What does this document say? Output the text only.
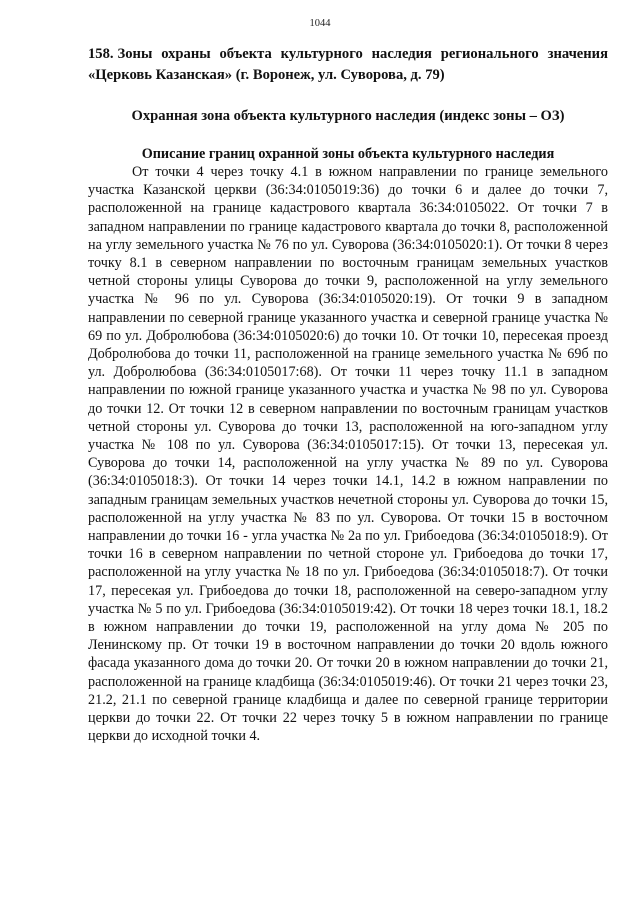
1044
158. Зоны охраны объекта культурного наследия регионального значения «Церковь Казанская» (г. Воронеж, ул. Суворова, д. 79)
Охранная зона объекта культурного наследия (индекс зоны – ОЗ)
Описание границ охранной зоны объекта культурного наследия

От точки 4 через точку 4.1 в южном направлении по границе земельного участка Казанской церкви (36:34:0105019:36) до точки 6 и далее до точки 7, расположенной на границе кадастрового квартала 36:34:0105022. От точки 7 в западном направлении по границе кадастрового квартала до точки 8, расположенной на углу земельного участка № 76 по ул. Суворова (36:34:0105020:1). От точки 8 через точку 8.1 в северном направлении по восточным границам земельных участков четной стороны улицы Суворова до точки 9, расположенной на углу земельного участка № 96 по ул. Суворова (36:34:0105020:19). От точки 9 в западном направлении по северной границе указанного участка и северной границе участка № 69 по ул. Добролюбова (36:34:0105020:6) до точки 10. От точки 10, пересекая проезд Добролюбова до точки 11, расположенной на границе земельного участка № 69б по ул. Добролюбова (36:34:0105017:68). От точки 11 через точку 11.1 в западном направлении по южной границе указанного участка и участка № 98 по ул. Суворова до точки 12. От точки 12 в северном направлении по восточным границам участков четной стороны ул. Суворова до точки 13, расположенной на юго-западном углу участка № 108 по ул. Суворова (36:34:0105017:15). От точки 13, пересекая ул. Суворова до точки 14, расположенной на углу участка № 89 по ул. Суворова (36:34:0105018:3). От точки 14 через точки 14.1, 14.2 в южном направлении по западным границам земельных участков нечетной стороны ул. Суворова до точки 15, расположенной на углу участка № 83 по ул. Суворова. От точки 15 в восточном направлении до точки 16 - угла участка № 2а по ул. Грибоедова (36:34:0105018:9). От точки 16 в северном направлении по четной стороне ул. Грибоедова до точки 17, расположенной на углу участка № 18 по ул. Грибоедова (36:34:0105018:7). От точки 17, пересекая ул. Грибоедова до точки 18, расположенной на северо-западном углу участка № 5 по ул. Грибоедова (36:34:0105019:42). От точки 18 через точки 18.1, 18.2 в южном направлении до точки 19, расположенной на углу дома № 205 по Ленинскому пр. От точки 19 в восточном направлении до точки 20 вдоль южного фасада указанного дома до точки 20. От точки 20 в южном направлении до точки 21, расположенной на границе кладбища (36:34:0105019:46). От точки 21 через точки 23, 21.2, 21.1 по северной границе кладбища и далее по северной границе территории церкви до точки 22. От точки 22 через точку 5 в южном направлении по границе церкви до исходной точки 4.
